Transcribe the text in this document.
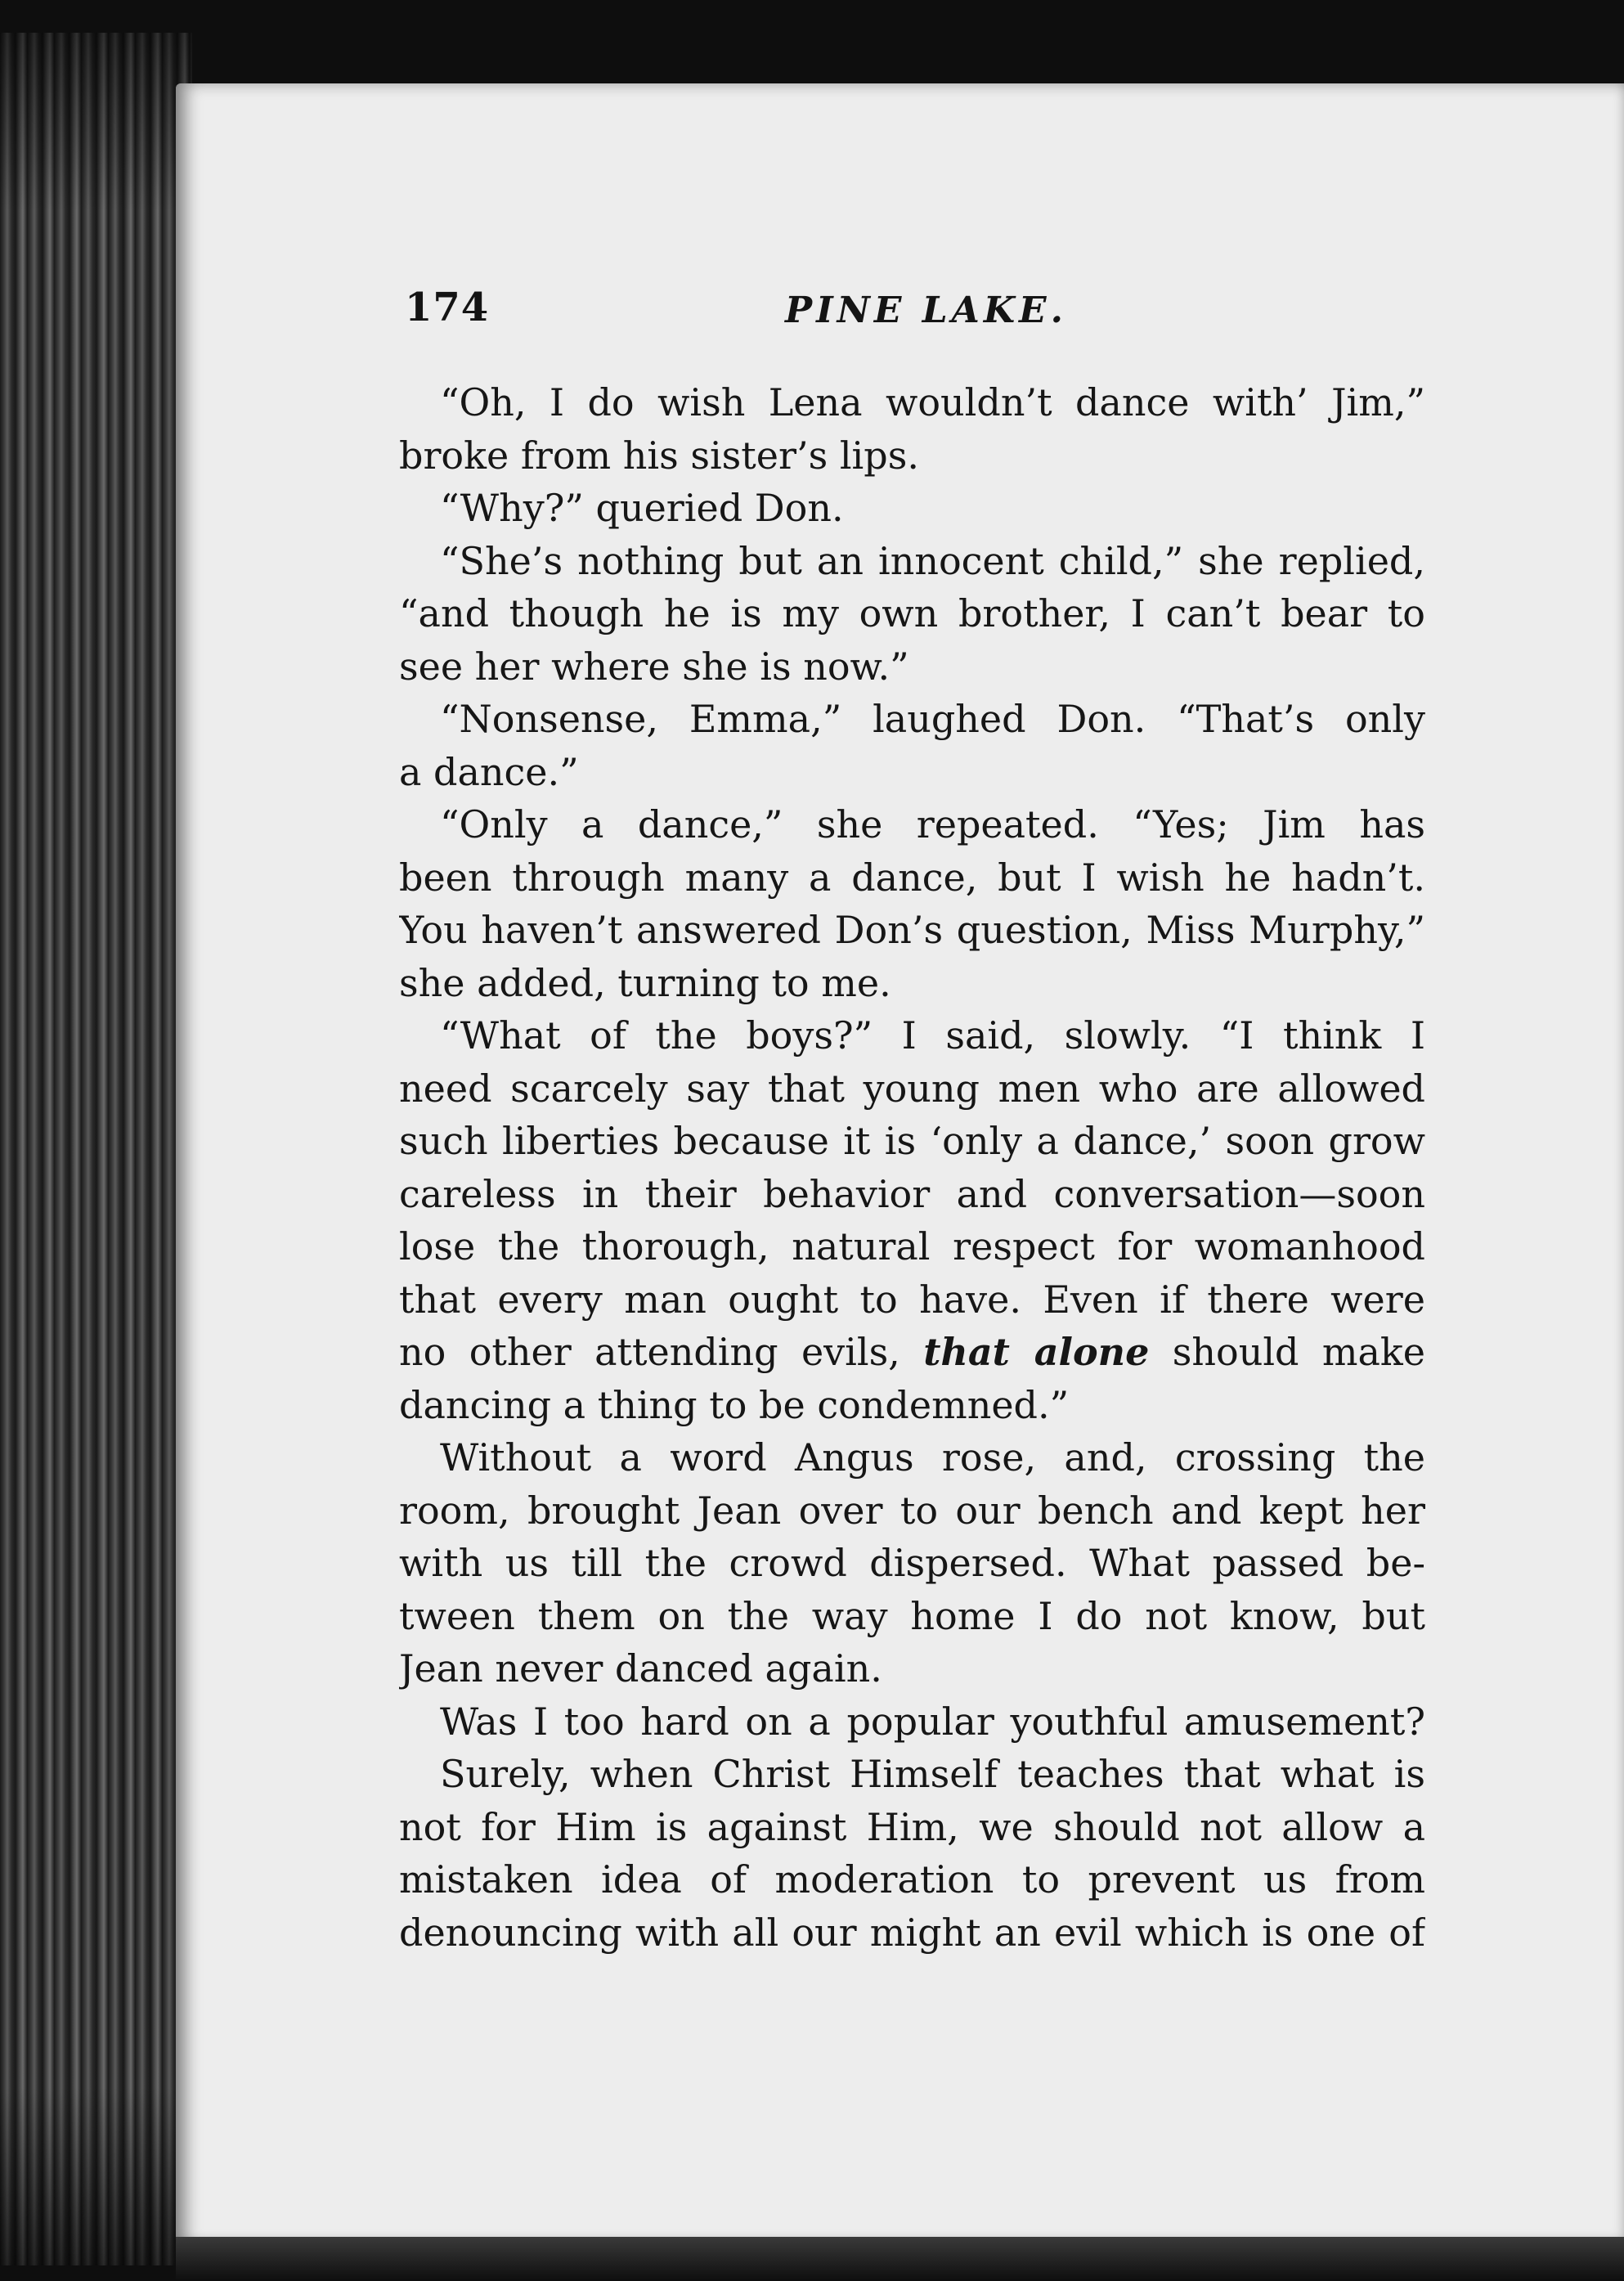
174	PINE LAKE.
“Oh, I do wish Lena wouldn’t dance with’ Jim,”
broke from his sister’s lips.
“Why?” queried Don.
“She’s nothing but an innocent child,” she replied,
“and though he is my own brother, I can’t bear to
see her where she is now.”
“Nonsense, Emma,” laughed Don. “That’s only
a dance.”
“Only a dance,” she repeated. “Yes; Jim has
been through many a dance, but I wish he hadn’t.
You haven’t answered Don’s question, Miss Murphy,”
she added, turning to me.
“What of the boys?” I said, slowly. “I think I
need scarcely say that young men who are allowed
such liberties because it is ‘only a dance,’ soon grow
careless in their behavior and conversation—soon
lose the thorough, natural respect for womanhood
that every man ought to have. Even if there were
no other attending evils, that alone should make
dancing a thing to be condemned.”
Without a word Angus rose, and, crossing the
room, brought Jean over to our bench and kept her
with us till the crowd dispersed. What passed be-
tween them on the way home I do not know, but
Jean never danced again.
Was I too hard on a popular youthful amusement?
Surely, when Christ Himself teaches that what is
not for Him is against Him, we should not allow a
mistaken idea of moderation to prevent us from
denouncing with all our might an evil which is one of
